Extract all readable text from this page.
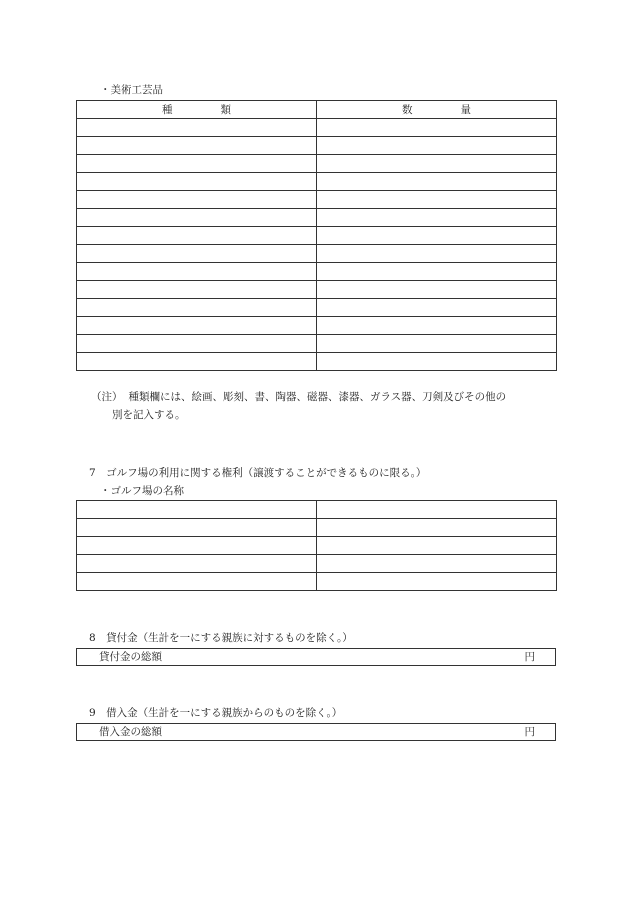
・美術工芸品
種 類	数 量

（注） 種類欄には、絵画、彫刻、書、陶器、磁器、漆器、ガラス器、刀剣及びその他の
別を記入する。
7　ゴルフ場の利用に関する権利（譲渡することができるものに限る。）
・ゴルフ場の名称

8　貸付金（生計を一にする親族に対するものを除く。）
貸付金の総額	円
9　借入金（生計を一にする親族からのものを除く。）
借入金の総額	円
